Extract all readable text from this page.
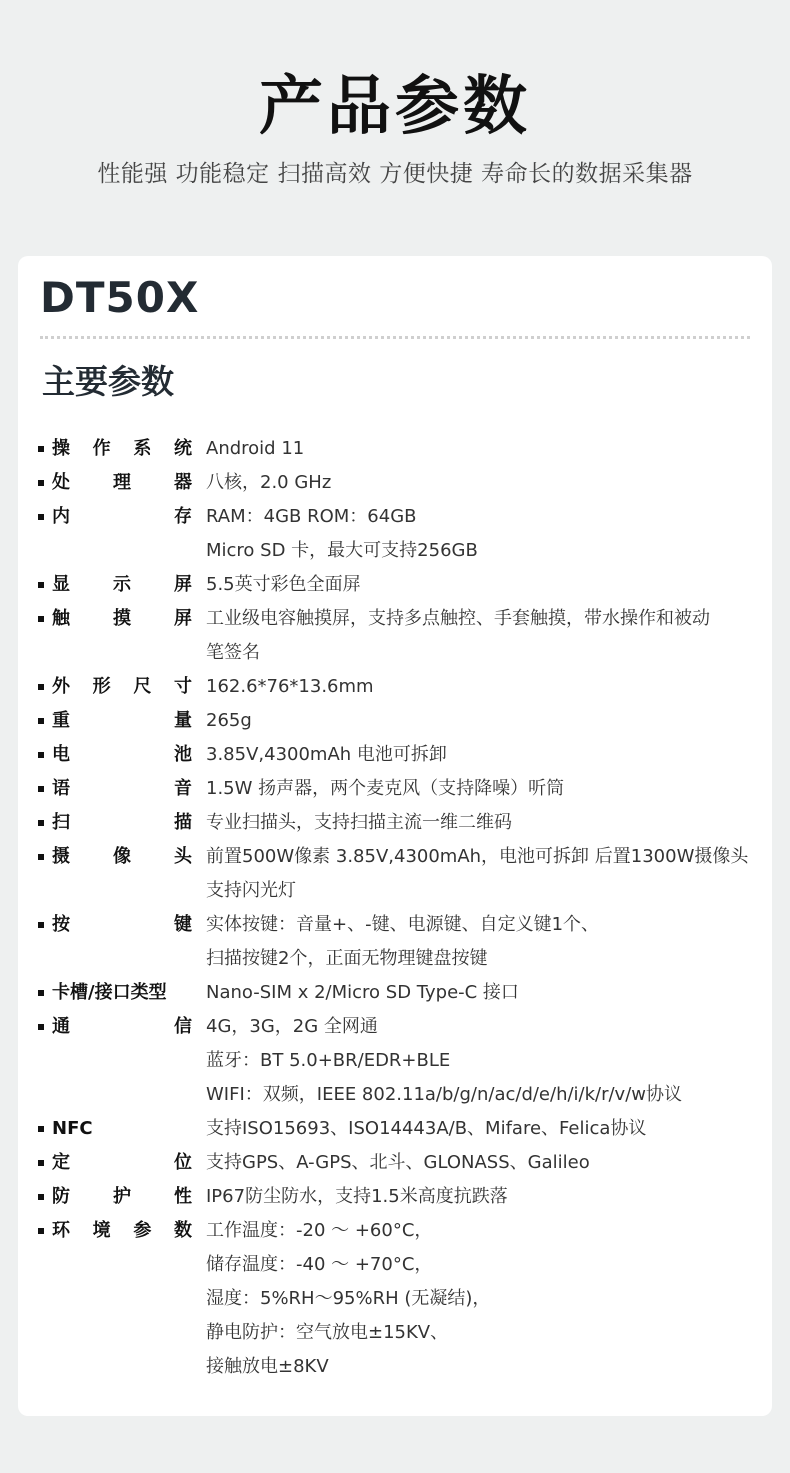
产品参数
性能强 功能稳定 扫描高效 方便快捷 寿命长的数据采集器
DT50X
主要参数
操作系统 Android 11
处理器 八核，2.0 GHz
内存 RAM：4GB ROM：64GB
Micro SD 卡，最大可支持256GB
显示屏 5.5英寸彩色全面屏
触摸屏 工业级电容触摸屏，支持多点触控、手套触摸，带水操作和被动
笔签名
外形尺寸 162.6*76*13.6mm
重量 265g
电池 3.85V,4300mAh 电池可拆卸
语音 1.5W 扬声器，两个麦克风（支持降噪）听筒
扫描 专业扫描头，支持扫描主流一维二维码
摄像头 前置500W像素 3.85V,4300mAh，电池可拆卸 后置1300W摄像头
支持闪光灯
按键 实体按键：音量+、-键、电源键、自定义键1个、
扫描按键2个，正面无物理键盘按键
卡槽/接口类型	Nano-SIM x 2/Micro SD Type-C 接口
通信 4G，3G，2G 全网通
蓝牙：BT 5.0+BR/EDR+BLE
WIFI：双频，IEEE 802.11a/b/g/n/ac/d/e/h/i/k/r/v/w协议
NFC	支持ISO15693、ISO14443A/B、Mifare、Felica协议
定位 支持GPS、A-GPS、北斗、GLONASS、Galileo
防护性 IP67防尘防水，支持1.5米高度抗跌落
环境参数 工作温度：-20 ～ +60°C，
储存温度：-40 ～ +70°C，
湿度：5%RH～95%RH (无凝结)，
静电防护：空气放电±15KV、
接触放电±8KV
